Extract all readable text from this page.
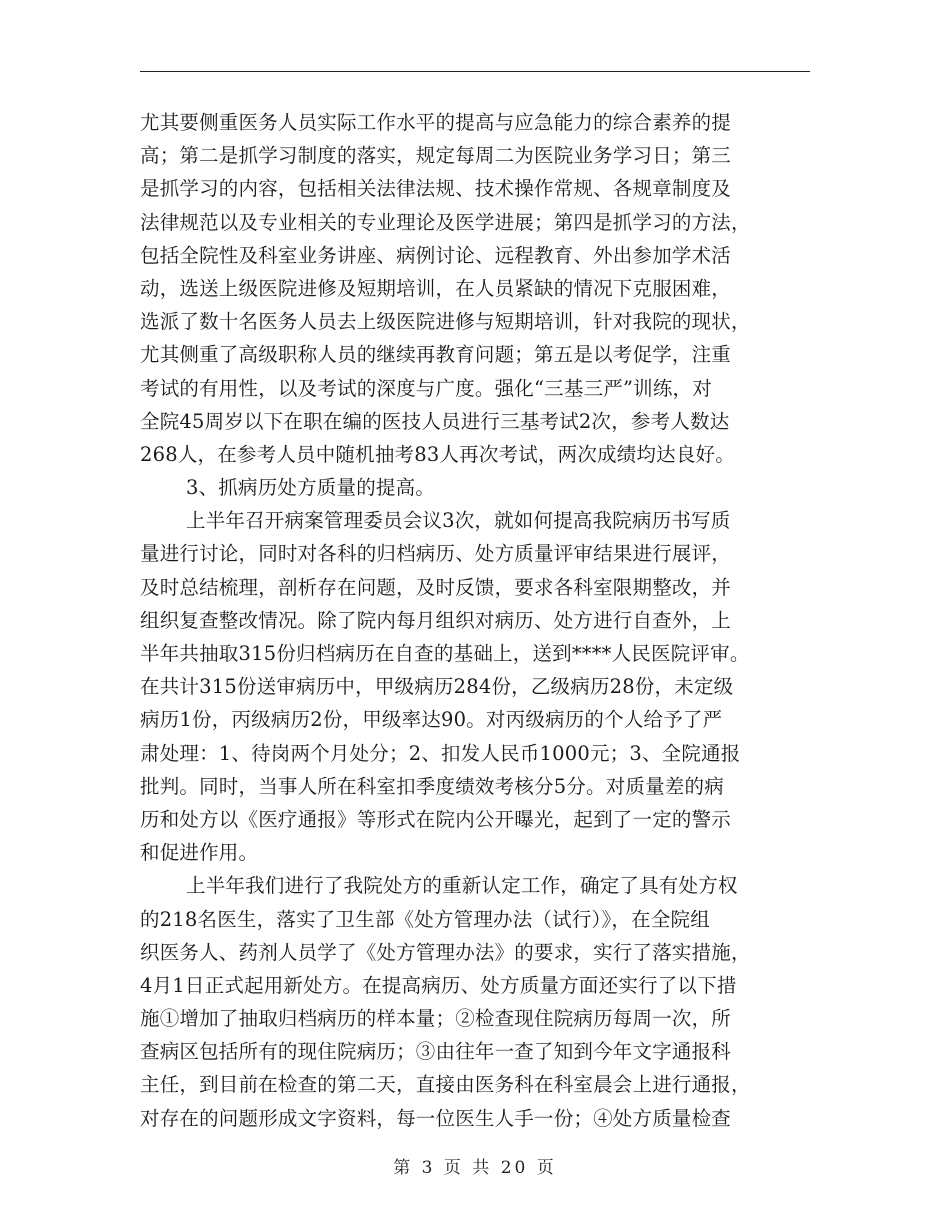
尤其要侧重医务人员实际工作水平的提高与应急能力的综合素养的提
高；第二是抓学习制度的落实，规定每周二为医院业务学习日；第三
是抓学习的内容，包括相关法律法规、技术操作常规、各规章制度及
法律规范以及专业相关的专业理论及医学进展；第四是抓学习的方法，
包括全院性及科室业务讲座、病例讨论、远程教育、外出参加学术活
动，选送上级医院进修及短期培训，在人员紧缺的情况下克服困难，
选派了数十名医务人员去上级医院进修与短期培训，针对我院的现状，
尤其侧重了高级职称人员的继续再教育问题；第五是以考促学，注重
考试的有用性，以及考试的深度与广度。强化“三基三严”训练，对
全院45周岁以下在职在编的医技人员进行三基考试2次，参考人数达
268人，在参考人员中随机抽考83人再次考试，两次成绩均达良好。
3、抓病历处方质量的提高。
上半年召开病案管理委员会议3次，就如何提高我院病历书写质
量进行讨论，同时对各科的归档病历、处方质量评审结果进行展评，
及时总结梳理，剖析存在问题，及时反馈，要求各科室限期整改，并
组织复查整改情况。除了院内每月组织对病历、处方进行自查外，上
半年共抽取315份归档病历在自查的基础上，送到****人民医院评审。
在共计315份送审病历中，甲级病历284份，乙级病历28份，未定级
病历1份，丙级病历2份，甲级率达90。对丙级病历的个人给予了严
肃处理：1、待岗两个月处分；2、扣发人民币1000元；3、全院通报
批判。同时，当事人所在科室扣季度绩效考核分5分。对质量差的病
历和处方以《医疗通报》等形式在院内公开曝光，起到了一定的警示
和促进作用。
上半年我们进行了我院处方的重新认定工作，确定了具有处方权
的218名医生，落实了卫生部《处方管理办法（试行）》，在全院组
织医务人、药剂人员学了《处方管理办法》的要求，实行了落实措施，
4月1日正式起用新处方。在提高病历、处方质量方面还实行了以下措
施①增加了抽取归档病历的样本量；②检查现住院病历每周一次，所
查病区包括所有的现住院病历；③由往年一查了知到今年文字通报科
主任，到目前在检查的第二天，直接由医务科在科室晨会上进行通报，
对存在的问题形成文字资料，每一位医生人手一份；④处方质量检查
第 3 页 共 20 页
